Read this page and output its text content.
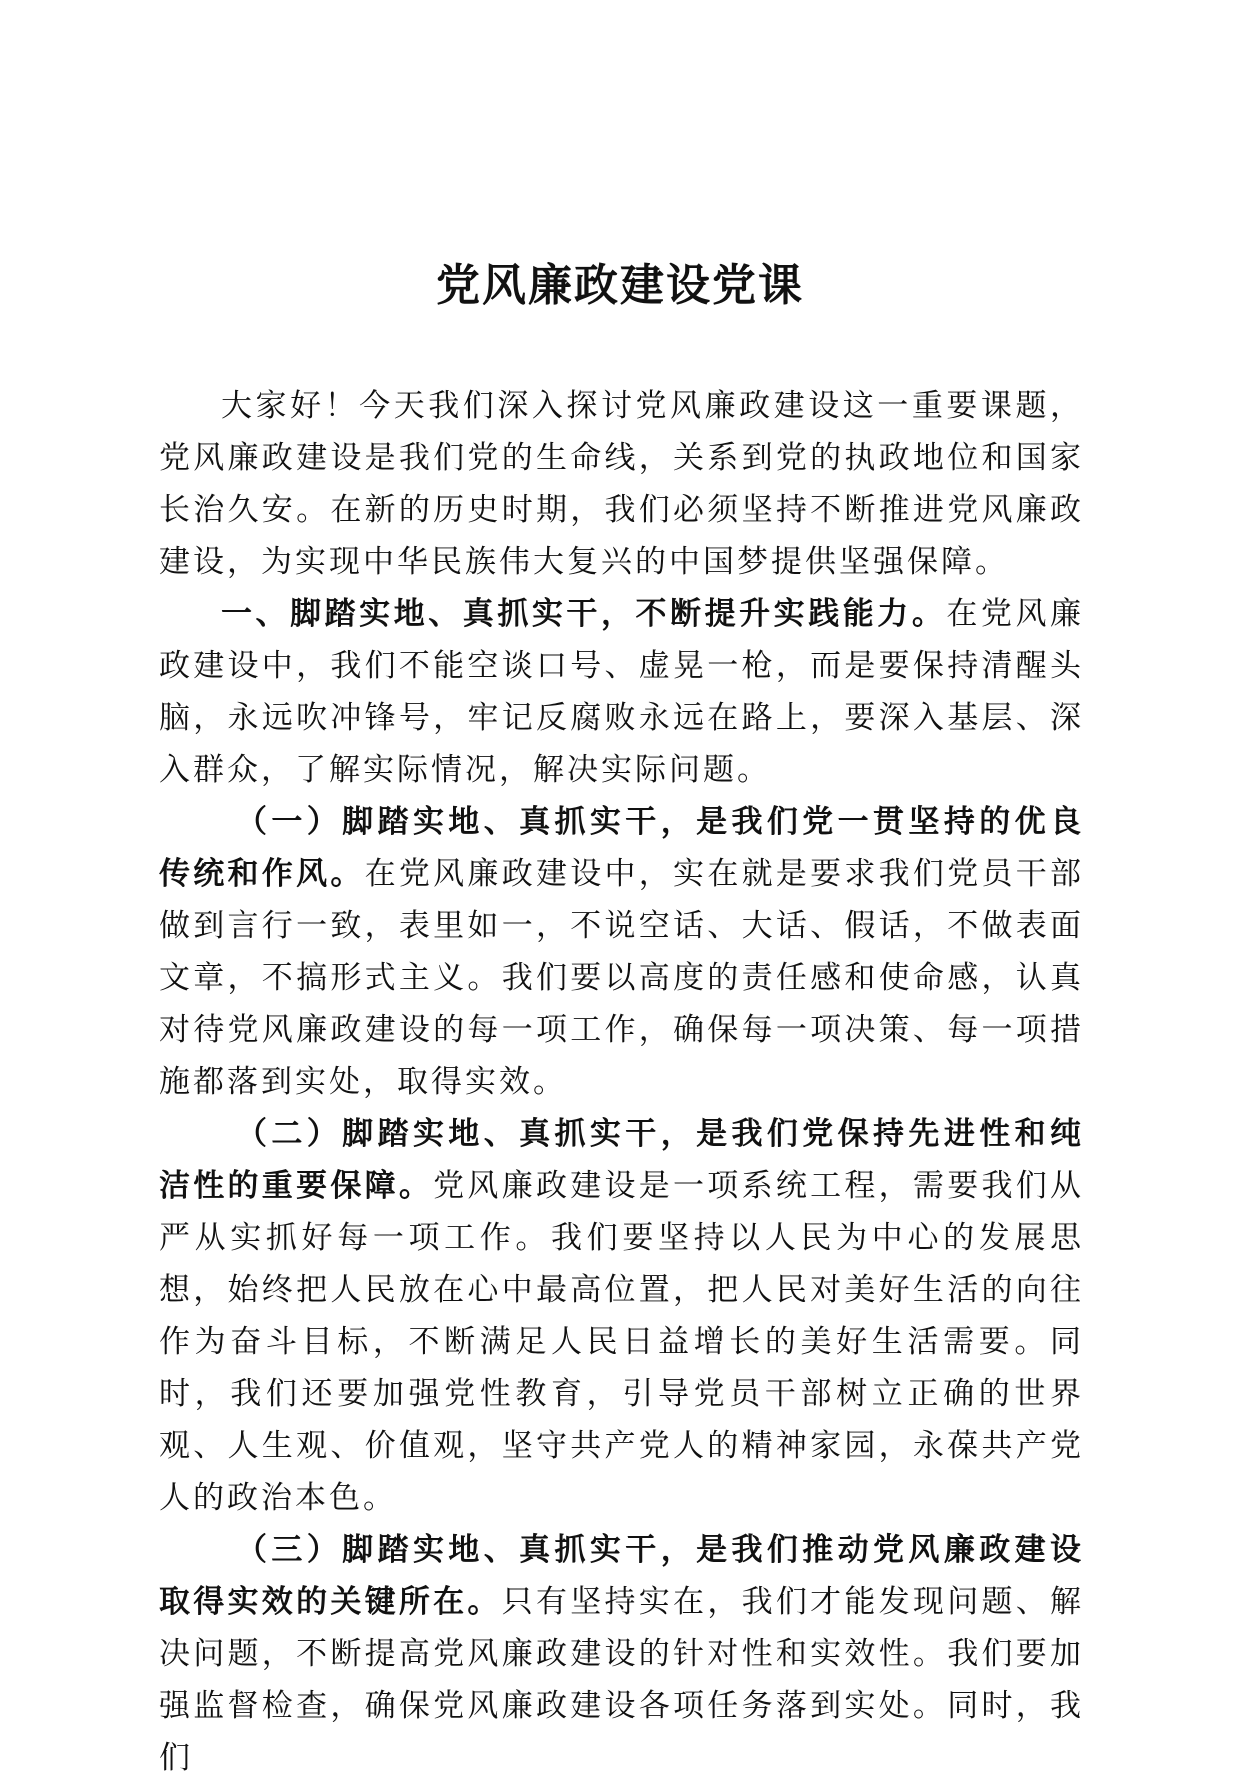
党风廉政建设党课

大家好！今天我们深入探讨党风廉政建设这一重要课题，党风廉政建设是我们党的生命线，关系到党的执政地位和国家长治久安。在新的历史时期，我们必须坚持不断推进党风廉政建设，为实现中华民族伟大复兴的中国梦提供坚强保障。

一、脚踏实地、真抓实干，不断提升实践能力。在党风廉政建设中，我们不能空谈口号、虚晃一枪，而是要保持清醒头脑，永远吹冲锋号，牢记反腐败永远在路上，要深入基层、深入群众，了解实际情况，解决实际问题。

（一）脚踏实地、真抓实干，是我们党一贯坚持的优良传统和作风。在党风廉政建设中，实在就是要求我们党员干部做到言行一致，表里如一，不说空话、大话、假话，不做表面文章，不搞形式主义。我们要以高度的责任感和使命感，认真对待党风廉政建设的每一项工作，确保每一项决策、每一项措施都落到实处，取得实效。

（二）脚踏实地、真抓实干，是我们党保持先进性和纯洁性的重要保障。党风廉政建设是一项系统工程，需要我们从严从实抓好每一项工作。我们要坚持以人民为中心的发展思想，始终把人民放在心中最高位置，把人民对美好生活的向往作为奋斗目标，不断满足人民日益增长的美好生活需要。同时，我们还要加强党性教育，引导党员干部树立正确的世界观、人生观、价值观，坚守共产党人的精神家园，永葆共产党人的政治本色。

（三）脚踏实地、真抓实干，是我们推动党风廉政建设取得实效的关键所在。只有坚持实在，我们才能发现问题、解决问题，不断提高党风廉政建设的针对性和实效性。我们要加强监督检查，确保党风廉政建设各项任务落到实处。同时，我们
